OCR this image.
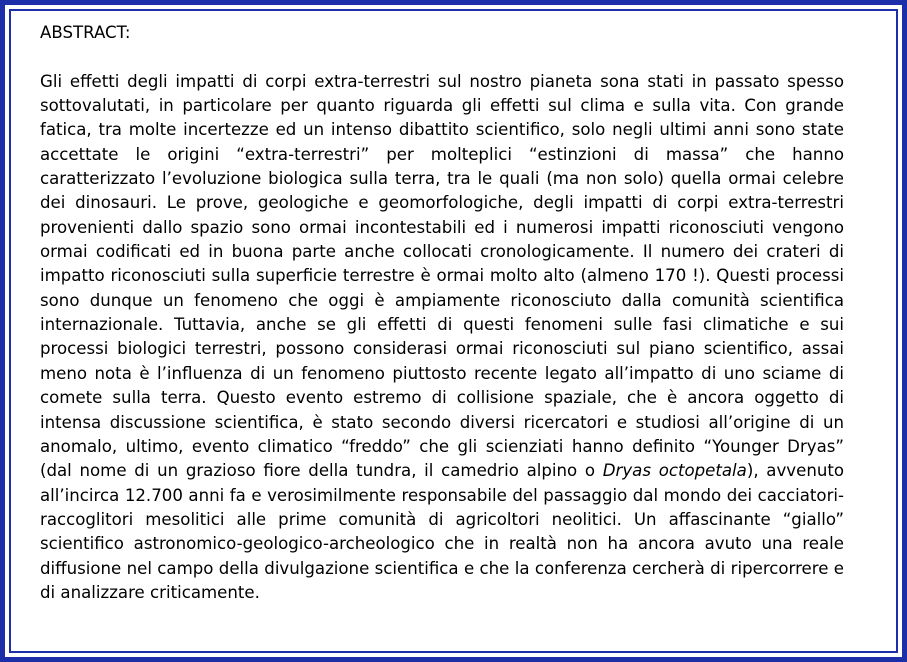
ABSTRACT:

Gli effetti degli impatti di corpi extra-terrestri sul nostro pianeta sona stati in passato spesso sottovalutati, in particolare per quanto riguarda gli effetti sul clima e sulla vita. Con grande fatica, tra molte incertezze ed un intenso dibattito scientifico, solo negli ultimi anni sono state accettate le origini “extra-terrestri” per molteplici “estinzioni di massa” che hanno caratterizzato l’evoluzione biologica sulla terra, tra le quali (ma non solo) quella ormai celebre dei dinosauri. Le prove, geologiche e geomorfologiche, degli impatti di corpi extra-terrestri provenienti dallo spazio sono ormai incontestabili ed i numerosi impatti riconosciuti vengono ormai codificati ed in buona parte anche collocati cronologicamente. Il numero dei crateri di impatto riconosciuti sulla superficie terrestre è ormai molto alto (almeno 170 !). Questi processi sono dunque un fenomeno che oggi è ampiamente riconosciuto dalla comunità scientifica internazionale. Tuttavia, anche se gli effetti di questi fenomeni sulle fasi climatiche e sui processi biologici terrestri, possono considerasi ormai riconosciuti sul piano scientifico, assai meno nota è l’influenza di un fenomeno piuttosto recente legato all’impatto di uno sciame di comete sulla terra. Questo evento estremo di collisione spaziale, che è ancora oggetto di intensa discussione scientifica, è stato secondo diversi ricercatori e studiosi all’origine di un anomalo, ultimo, evento climatico “freddo” che gli scienziati hanno definito “Younger Dryas” (dal nome di un grazioso fiore della tundra, il camedrio alpino o Dryas octopetala), avvenuto all’incirca 12.700 anni fa e verosimilmente responsabile del passaggio dal mondo dei cacciatori-raccoglitori mesolitici alle prime comunità di agricoltori neolitici. Un affascinante “giallo” scientifico astronomico-geologico-archeologico che in realtà non ha ancora avuto una reale diffusione nel campo della divulgazione scientifica e che la conferenza cercherà di ripercorrere e di analizzare criticamente.
